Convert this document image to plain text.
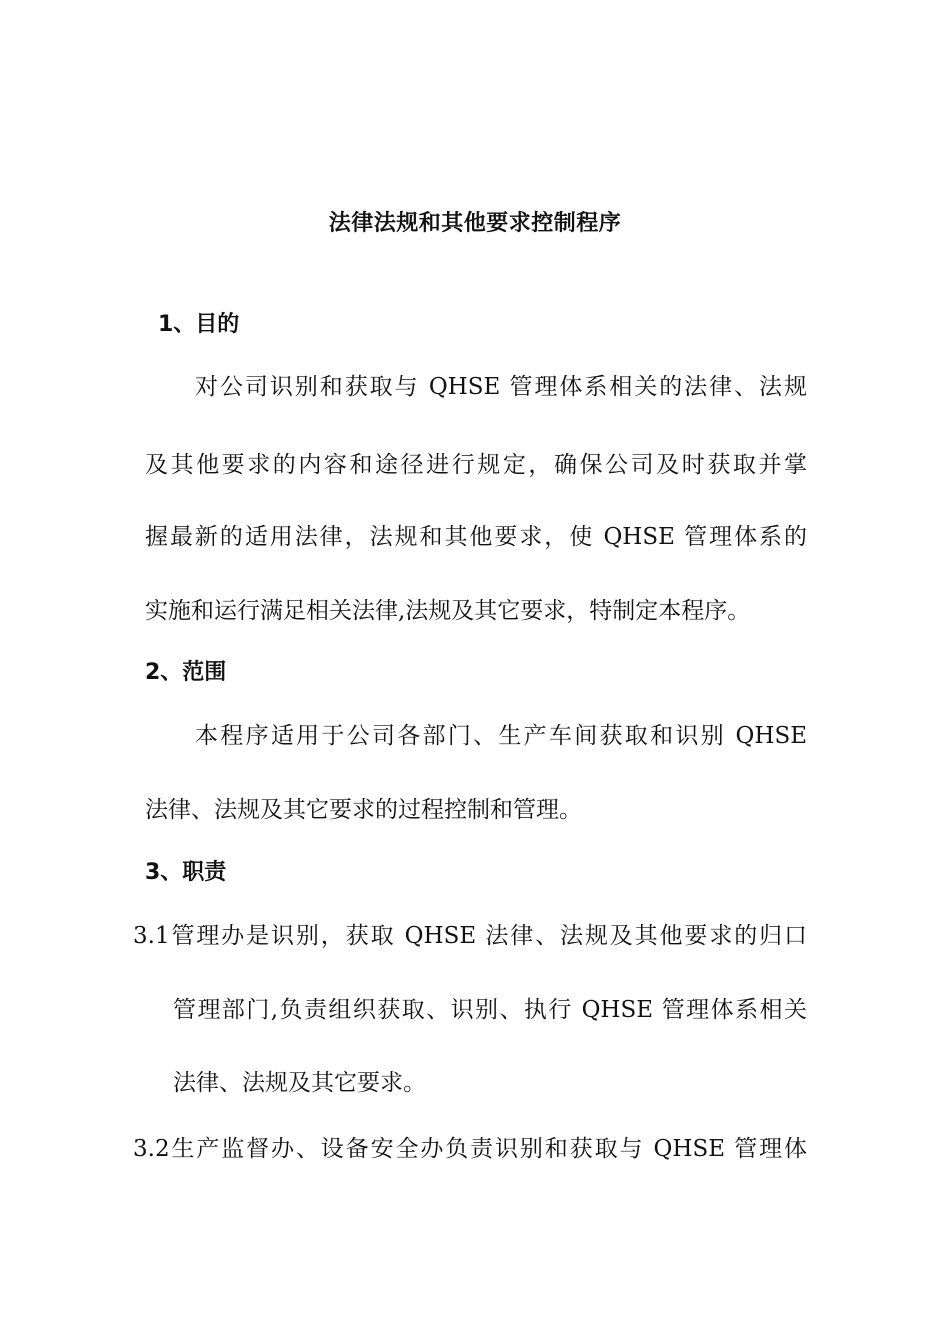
法律法规和其他要求控制程序
1、目的
对公司识别和获取与 QHSE 管理体系相关的法律、法规
及其他要求的内容和途径进行规定，确保公司及时获取并掌
握最新的适用法律，法规和其他要求，使 QHSE 管理体系的
实施和运行满足相关法律,法规及其它要求，特制定本程序。
2、范围
本程序适用于公司各部门、生产车间获取和识别 QHSE
法律、法规及其它要求的过程控制和管理。
3、职责
3.1管理办是识别，获取 QHSE 法律、法规及其他要求的归口
管理部门,负责组织获取、识别、执行 QHSE 管理体系相关
法律、法规及其它要求。
3.2生产监督办、设备安全办负责识别和获取与 QHSE 管理体
